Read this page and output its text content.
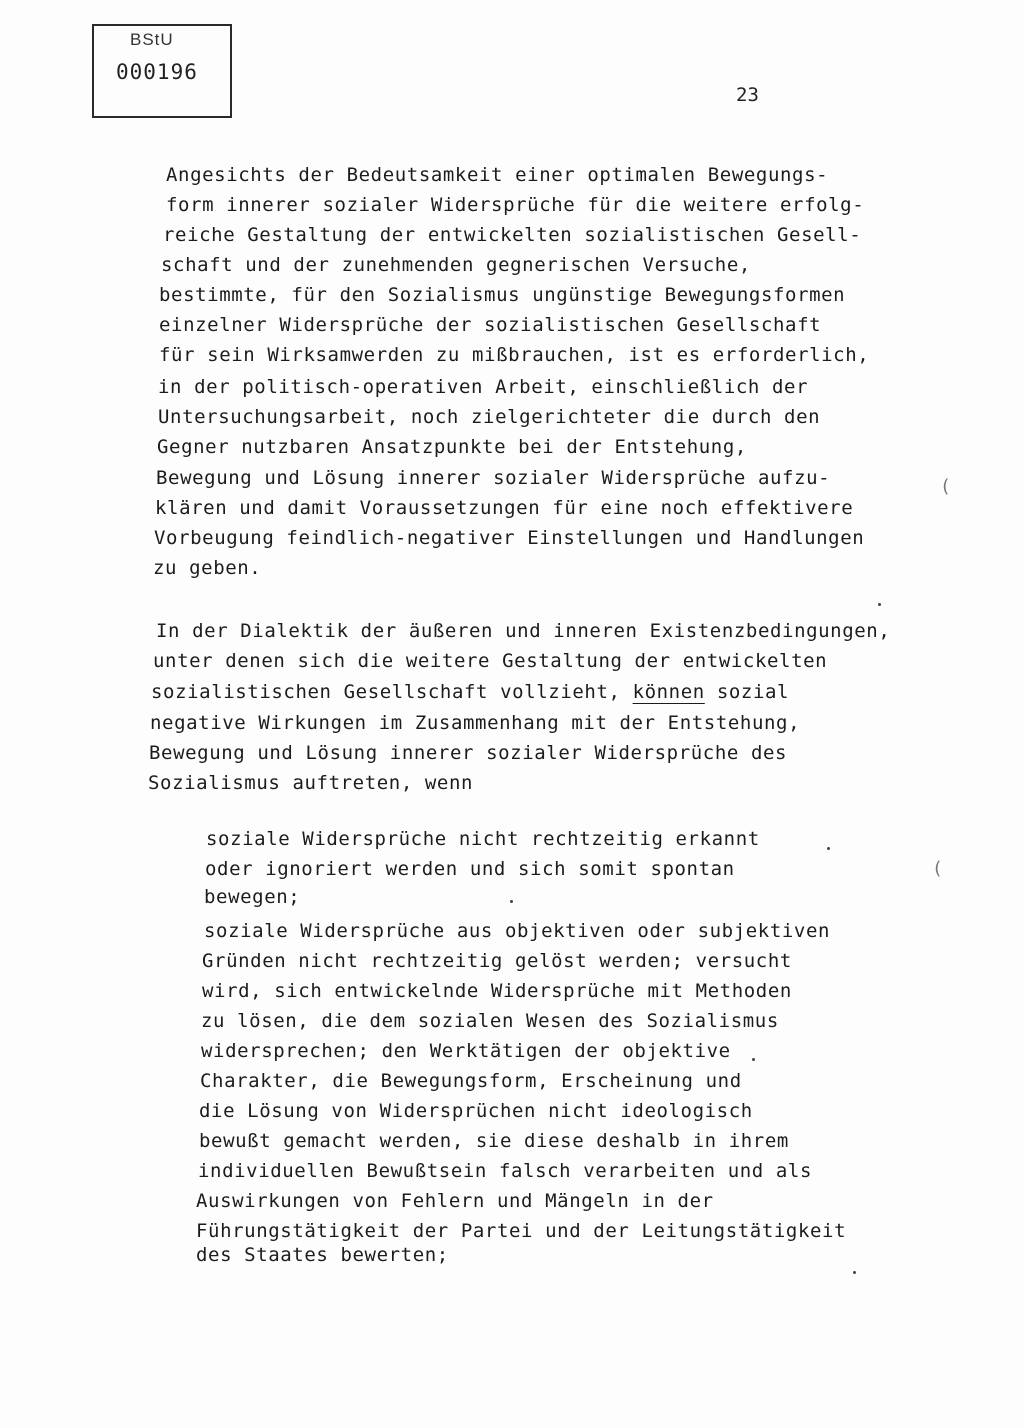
BStU
000196
23
Angesichts der Bedeutsamkeit einer optimalen Bewegungs-
form innerer sozialer Widersprüche für die weitere erfolg-
reiche Gestaltung der entwickelten sozialistischen Gesell-
schaft und der zunehmenden gegnerischen Versuche,
bestimmte, für den Sozialismus ungünstige Bewegungsformen
einzelner Widersprüche der sozialistischen Gesellschaft
für sein Wirksamwerden zu mißbrauchen, ist es erforderlich,
in der politisch-operativen Arbeit, einschließlich der
Untersuchungsarbeit, noch zielgerichteter die durch den
Gegner nutzbaren Ansatzpunkte bei der Entstehung,
Bewegung und Lösung innerer sozialer Widersprüche aufzu-
klären und damit Voraussetzungen für eine noch effektivere
Vorbeugung feindlich-negativer Einstellungen und Handlungen
zu geben.
In der Dialektik der äußeren und inneren Existenzbedingungen,
unter denen sich die weitere Gestaltung der entwickelten
sozialistischen Gesellschaft vollzieht, können sozial
negative Wirkungen im Zusammenhang mit der Entstehung,
Bewegung und Lösung innerer sozialer Widersprüche des
Sozialismus auftreten, wenn
soziale Widersprüche nicht rechtzeitig erkannt
oder ignoriert werden und sich somit spontan
bewegen;
soziale Widersprüche aus objektiven oder subjektiven
Gründen nicht rechtzeitig gelöst werden; versucht
wird, sich entwickelnde Widersprüche mit Methoden
zu lösen, die dem sozialen Wesen des Sozialismus
widersprechen; den Werktätigen der objektive
Charakter, die Bewegungsform, Erscheinung und
die Lösung von Widersprüchen nicht ideologisch
bewußt gemacht werden, sie diese deshalb in ihrem
individuellen Bewußtsein falsch verarbeiten und als
Auswirkungen von Fehlern und Mängeln in der
Führungstätigkeit der Partei und der Leitungstätigkeit
des Staates bewerten;
(
(
